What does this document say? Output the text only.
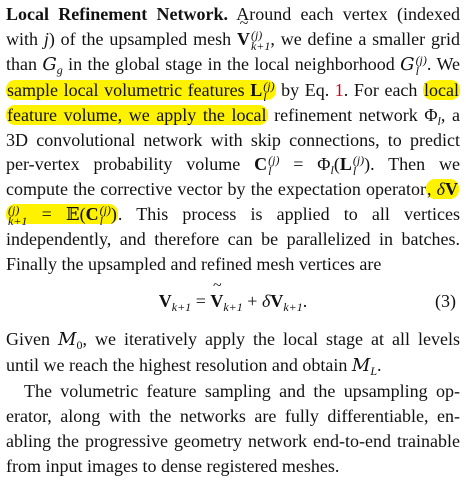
Local Refinement Network. Around each vertex (indexed with j) of the upsampled mesh ~ V (j)
k+1 , we define a smaller grid than $G_g$ in the global stage in the local neighborhood G (j)
l . We sample local volumetric features L (j)
l by Eq. 1. For each local feature volume, we apply the local refinement network $\Phi_l$, a 3D convolutional network with skip connections, to predict per-vertex probability volume C (j)
$l = \Phi_l(L$ (j)
l ). Then we compute the corrective vector by the expectation operator, δV
(j)
k+1 = 𝔼(C (j)
l ). This process is applied to all vertices independently, and therefore can be parallelized in batches. Finally the upsampled and refined mesh vertices are

$V_{k+1}$ = ~ $V_{k+1} + \delta V_{k+1}$.	(3)

Given $M_0$, we iteratively apply the local stage at all levels until we reach the highest resolution and obtain $M_L$.

The volumetric feature sampling and the upsampling operator, along with the networks are fully differentiable, enabling the progressive geometry network end-to-end trainable from input images to dense registered meshes.
